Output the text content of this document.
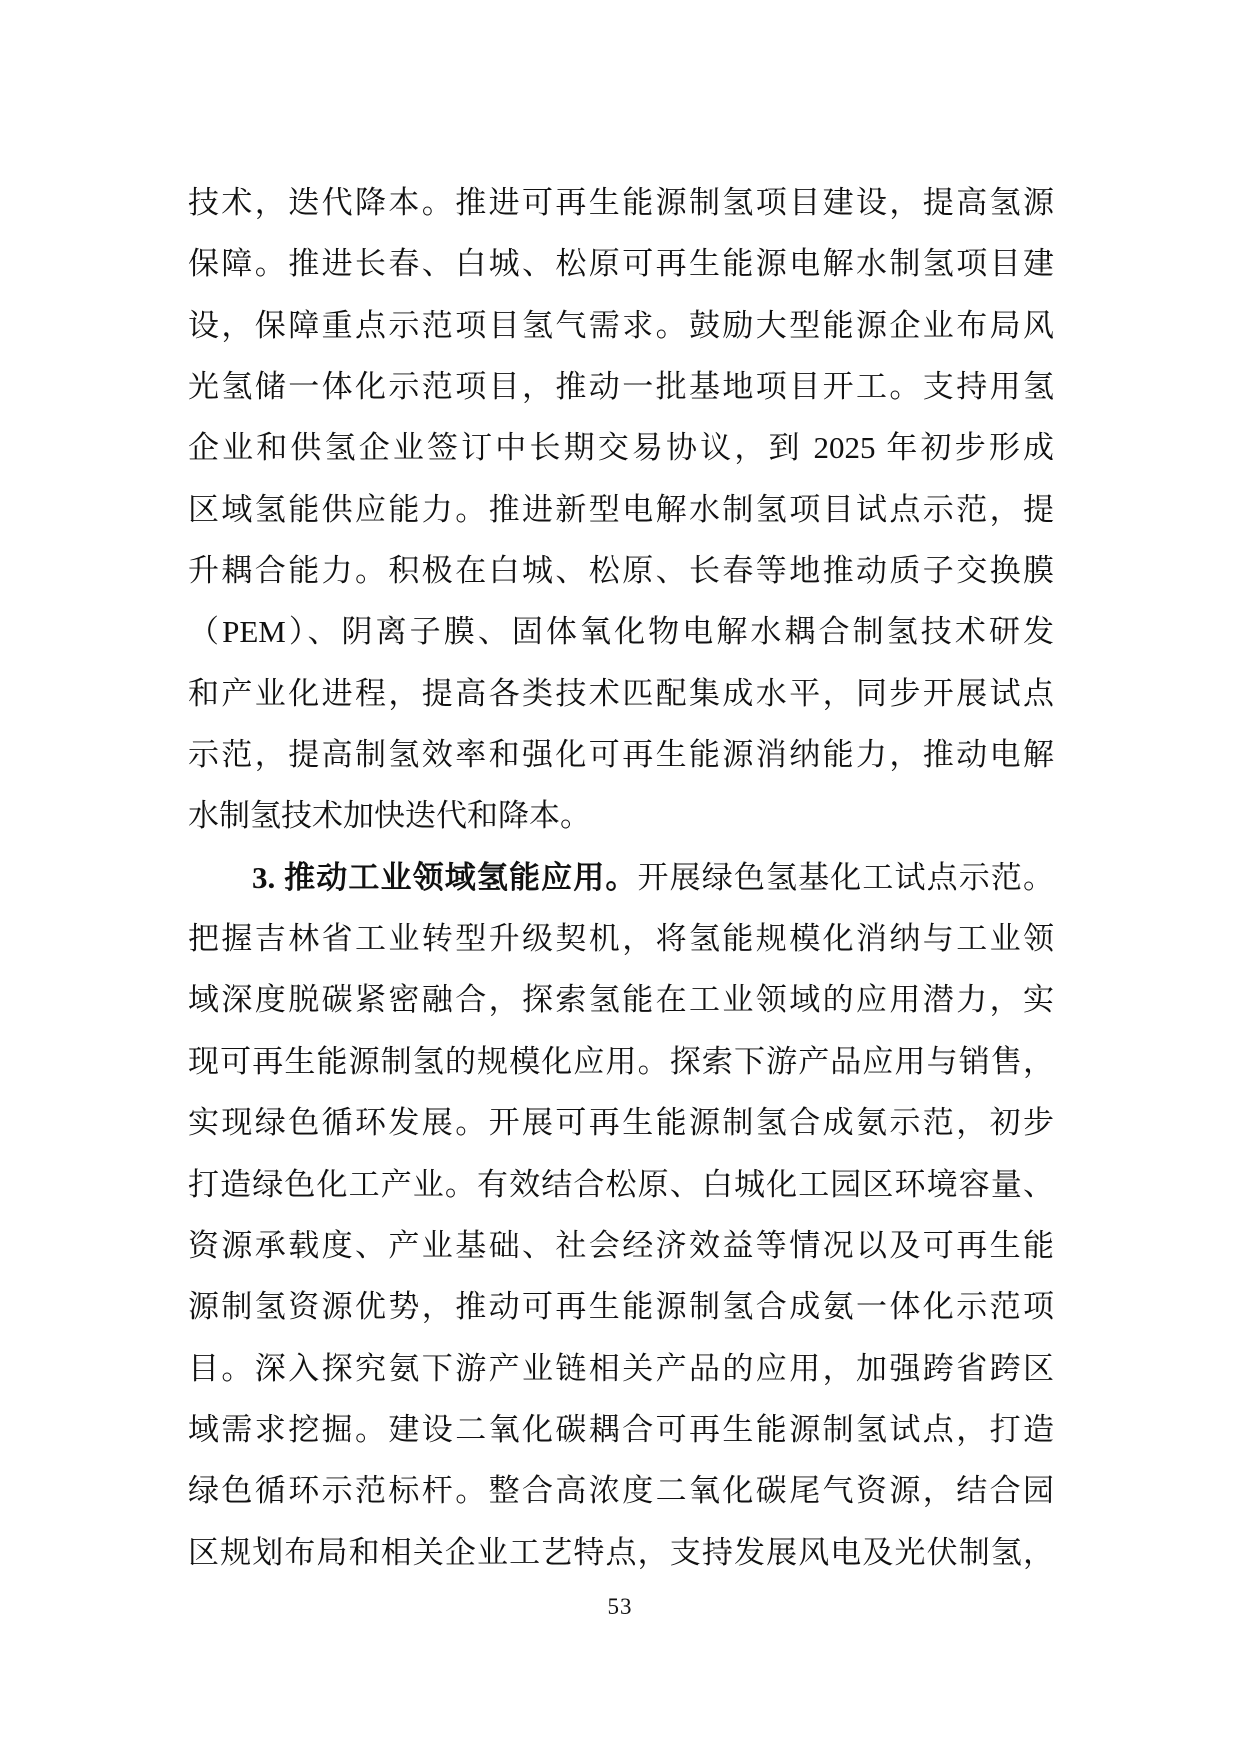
技术，迭代降本。推进可再生能源制氢项目建设，提高氢源
保障。推进长春、白城、松原可再生能源电解水制氢项目建
设，保障重点示范项目氢气需求。鼓励大型能源企业布局风
光氢储一体化示范项目，推动一批基地项目开工。支持用氢
企业和供氢企业签订中长期交易协议，到 2025 年初步形成
区域氢能供应能力。推进新型电解水制氢项目试点示范，提
升耦合能力。积极在白城、松原、长春等地推动质子交换膜
（PEM）、阴离子膜、固体氧化物电解水耦合制氢技术研发
和产业化进程，提高各类技术匹配集成水平，同步开展试点
示范，提高制氢效率和强化可再生能源消纳能力，推动电解
水制氢技术加快迭代和降本。
3. 推动工业领域氢能应用。开展绿色氢基化工试点示范。
把握吉林省工业转型升级契机，将氢能规模化消纳与工业领
域深度脱碳紧密融合，探索氢能在工业领域的应用潜力，实
现可再生能源制氢的规模化应用。探索下游产品应用与销售，
实现绿色循环发展。开展可再生能源制氢合成氨示范，初步
打造绿色化工产业。有效结合松原、白城化工园区环境容量、
资源承载度、产业基础、社会经济效益等情况以及可再生能
源制氢资源优势，推动可再生能源制氢合成氨一体化示范项
目。深入探究氨下游产业链相关产品的应用，加强跨省跨区
域需求挖掘。建设二氧化碳耦合可再生能源制氢试点，打造
绿色循环示范标杆。整合高浓度二氧化碳尾气资源，结合园
区规划布局和相关企业工艺特点，支持发展风电及光伏制氢，
53
